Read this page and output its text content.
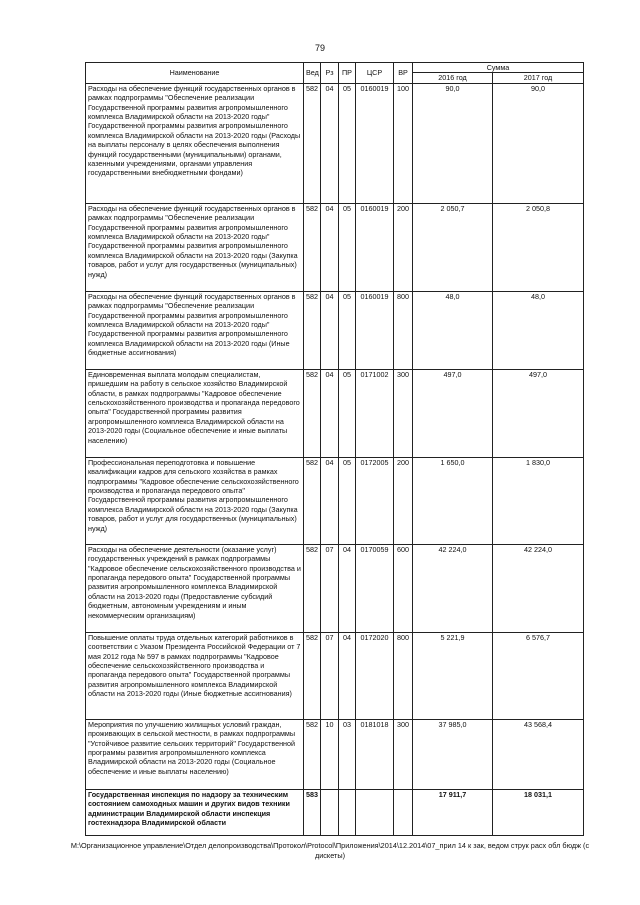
79
Наименование	Вед	Рз	ПР	ЦСР	ВР	Сумма	
						2016 год	2017 год
Расходы на обеспечение функций государственных органов в рамках подпрограммы "Обеспечение реализации Государственной программы развития агропромышленного комплекса Владимирской области на 2013-2020 годы" Государственной программы развития агропромышленного комплекса Владимирской области на 2013-2020 годы (Расходы на выплаты персоналу в целях обеспечения выполнения функций государственными (муниципальными) органами, казенными учреждениями, органами управления государственными внебюджетными фондами)	582	04	05	0160019	100	90,0	90,0
Расходы на обеспечение функций государственных органов в рамках подпрограммы "Обеспечение реализации Государственной программы развития агропромышленного комплекса Владимирской области на 2013-2020 годы" Государственной программы развития агропромышленного комплекса Владимирской области на 2013-2020 годы (Закупка товаров, работ и услуг для государственных (муниципальных) нужд)	582	04	05	0160019	200	2 050,7	2 050,8
Расходы на обеспечение функций государственных органов в рамках подпрограммы "Обеспечение реализации Государственной программы развития агропромышленного комплекса Владимирской области на 2013-2020 годы" Государственной программы развития агропромышленного комплекса Владимирской области на 2013-2020 годы (Иные бюджетные ассигнования)	582	04	05	0160019	800	48,0	48,0
Единовременная выплата молодым специалистам, пришедшим на работу в сельское хозяйство Владимирской области, в рамках подпрограммы "Кадровое обеспечение сельскохозяйственного производства и пропаганда передового опыта" Государственной программы развития агропромышленного комплекса Владимирской области на 2013-2020 годы (Социальное обеспечение и иные выплаты населению)	582	04	05	0171002	300	497,0	497,0
Профессиональная переподготовка и повышение квалификации кадров для сельского хозяйства в рамках подпрограммы "Кадровое обеспечение сельскохозяйственного производства и пропаганда передового опыта" Государственной программы развития агропромышленного комплекса Владимирской области на 2013-2020 годы (Закупка товаров, работ и услуг для государственных (муниципальных) нужд)	582	04	05	0172005	200	1 650,0	1 830,0
Расходы на обеспечение деятельности (оказание услуг) государственных учреждений в рамках подпрограммы "Кадровое обеспечение сельскохозяйственного производства и пропаганда передового опыта" Государственной программы развития агропромышленного комплекса Владимирской области на 2013-2020 годы (Предоставление субсидий бюджетным, автономным учреждениям и иным некоммерческим организациям)	582	07	04	0170059	600	42 224,0	42 224,0
Повышение оплаты труда отдельных категорий работников в соответствии с Указом Президента Российской Федерации от 7 мая 2012 года № 597 в рамках подпрограммы "Кадровое обеспечение сельскохозяйственного производства и пропаганда передового опыта" Государственной программы развития агропромышленного комплекса Владимирской области на 2013-2020 годы (Иные бюджетные ассигнования)	582	07	04	0172020	800	5 221,9	6 576,7
Мероприятия по улучшению жилищных условий граждан, проживающих в сельской местности, в рамках подпрограммы "Устойчивое развитие сельских территорий" Государственной программы развития агропромышленного комплекса Владимирской области на 2013-2020 годы (Социальное обеспечение и иные выплаты населению)	582	10	03	0181018	300	37 985,0	43 568,4
Государственная инспекция по надзору за техническим состоянием самоходных машин и других видов техники администрации Владимирской области инспекция гостехнадзора Владимирской области	583					17 911,7	18 031,1
M:\Организационное управление\Отдел делопроизводства\Протокол\Protocol\Приложения\2014\12.2014\07_прил 14 к зак, ведом струк расх обл бюдж (с дискеты)
